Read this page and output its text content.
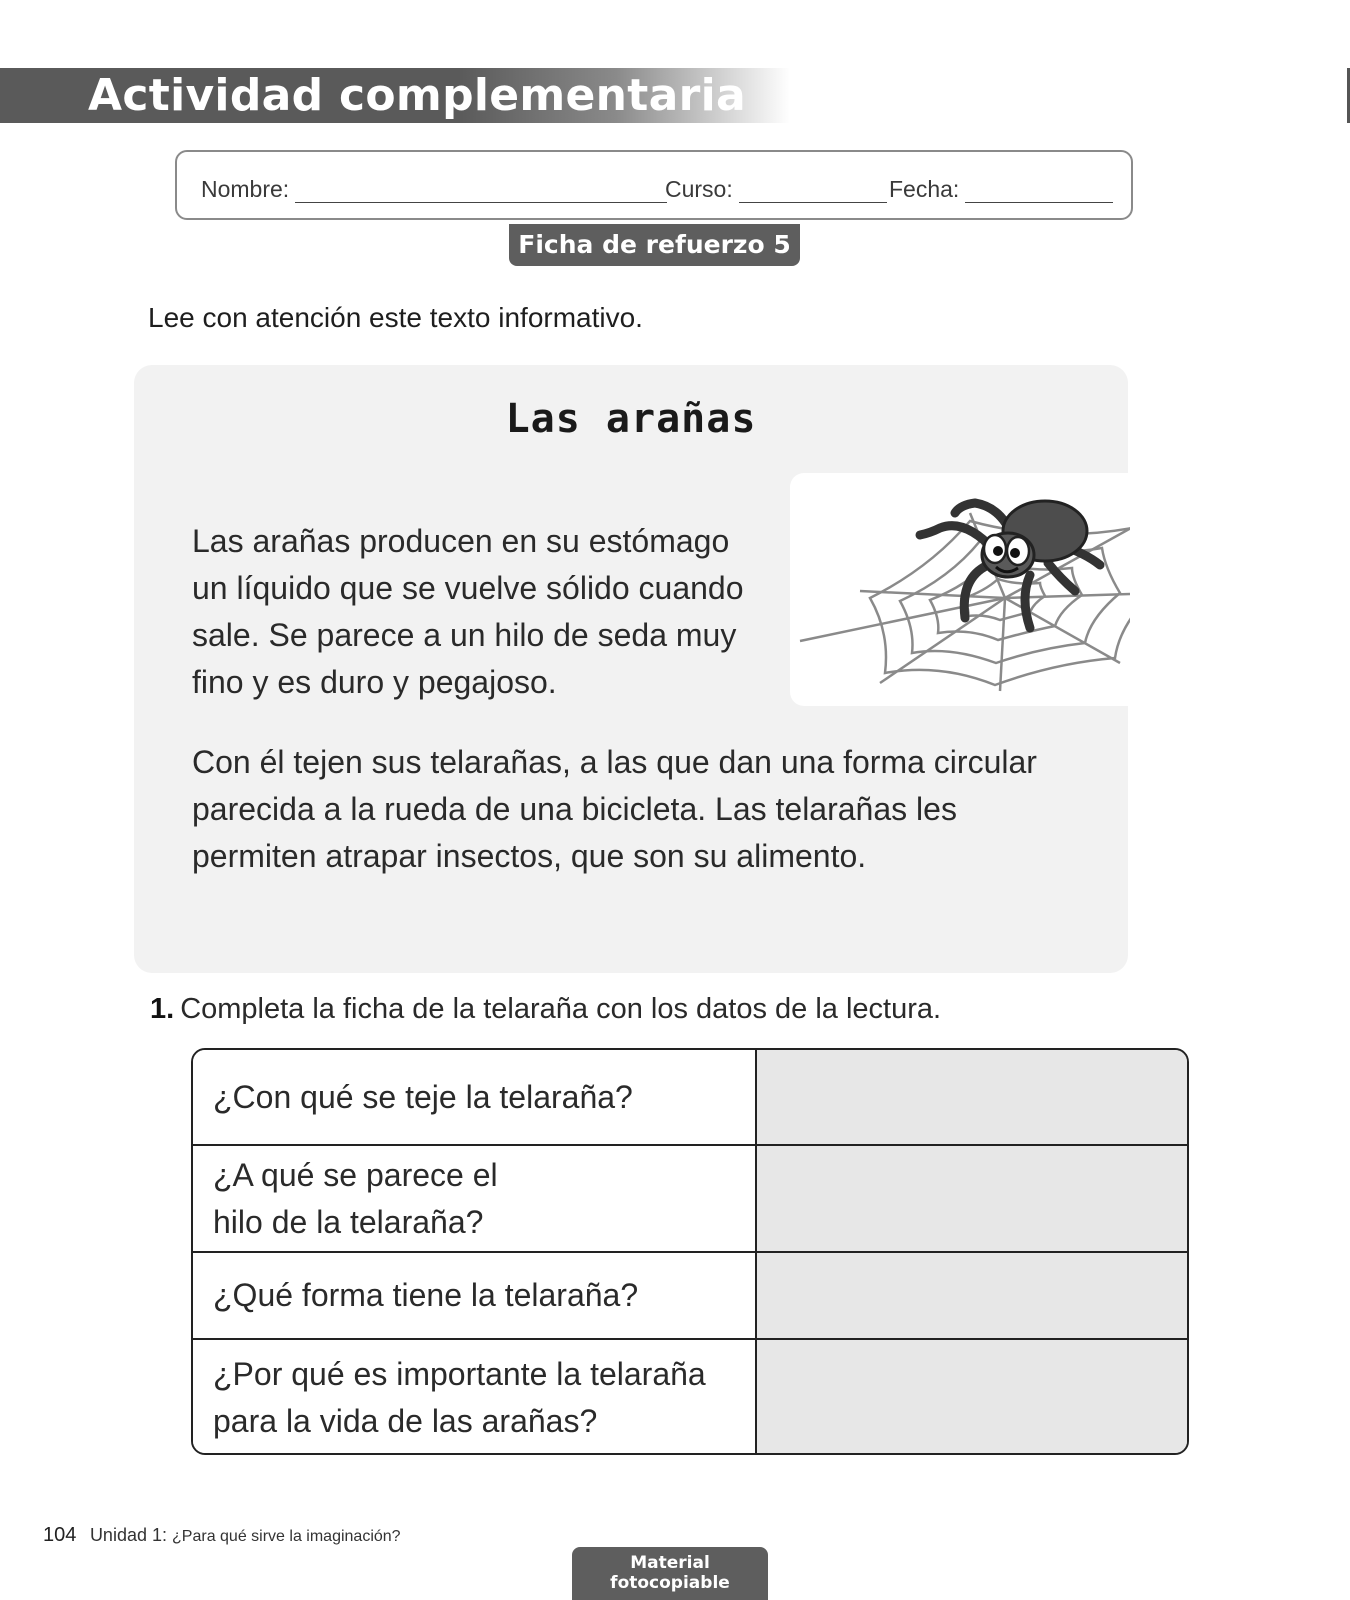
Actividad complementaria
Nombre:	Curso:	Fecha:
Ficha de refuerzo 5
Lee con atención este texto informativo.
Las arañas
Las arañas producen en su estómago
un líquido que se vuelve sólido cuando
sale. Se parece a un hilo de seda muy
fino y es duro y pegajoso.
Con él tejen sus telarañas, a las que dan una forma circular
parecida a la rueda de una bicicleta. Las telarañas les
permiten atrapar insectos, que son su alimento.
1. Completa la ficha de la telaraña con los datos de la lectura.
¿Con qué se teje la telaraña?
¿A qué se parece el
hilo de la telaraña?
¿Qué forma tiene la telaraña?
¿Por qué es importante la telaraña
para la vida de las arañas?
104 Unidad 1: ¿Para qué sirve la imaginación?
Material fotocopiable
